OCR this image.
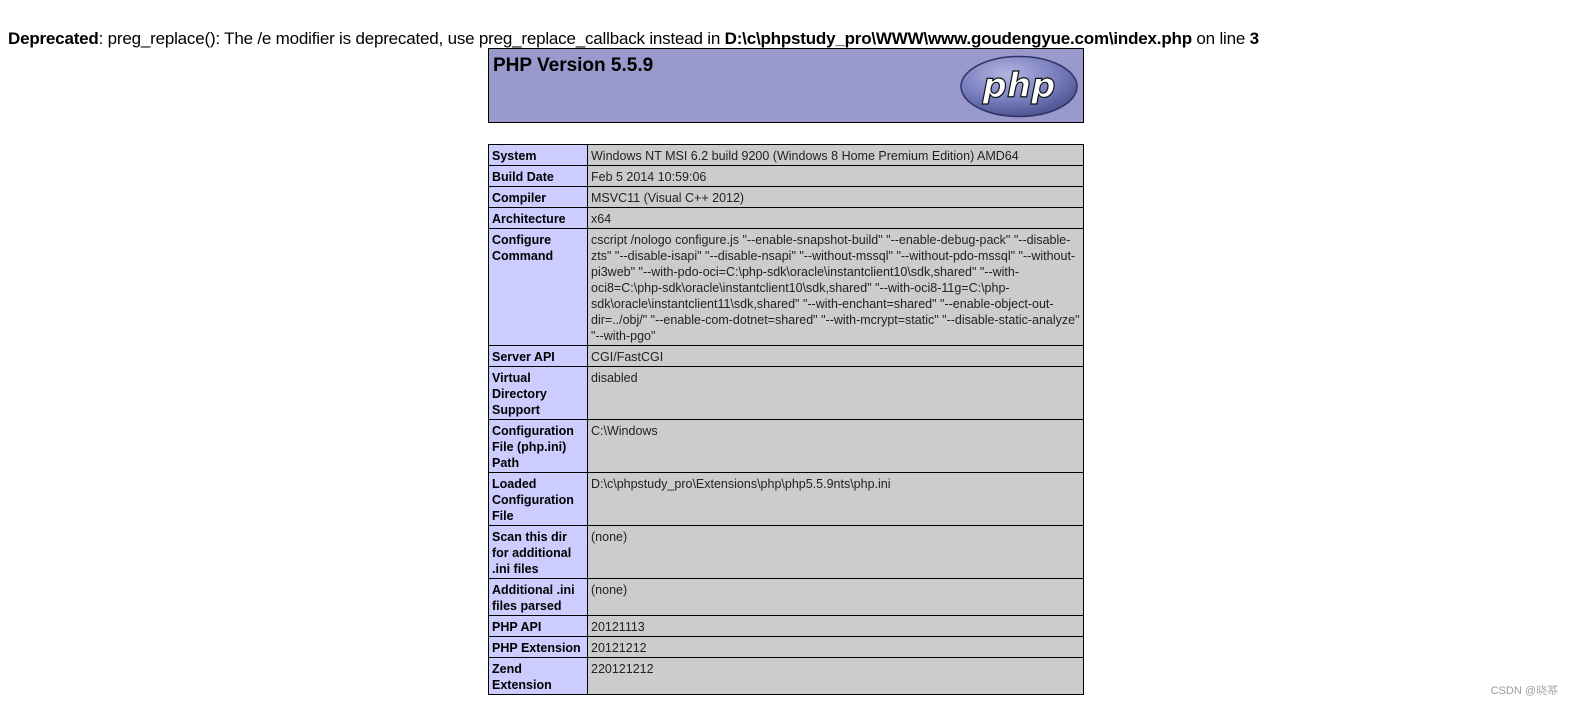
Deprecated: preg_replace(): The /e modifier is deprecated, use preg_replace_callback instead in D:\c\phpstudy_pro\WWW\www.goudengyue.com\index.php on line 3
PHP Version 5.5.9
php
System	Windows NT MSI 6.2 build 9200 (Windows 8 Home Premium Edition) AMD64
Build Date	Feb 5 2014 10:59:06
Compiler	MSVC11 (Visual C++ 2012)
Architecture	x64
Configure Command	cscript /nologo configure.js "--enable-snapshot-build" "--enable-debug-pack" "--disable-zts" "--disable-isapi" "--disable-nsapi" "--without-mssql" "--without-pdo-mssql" "--without-pi3web" "--with-pdo-oci=C:\php-sdk\oracle\instantclient10\sdk,shared" "--with-oci8=C:\php-sdk\oracle\instantclient10\sdk,shared" "--with-oci8-11g=C:\php-sdk\oracle\instantclient11\sdk,shared" "--with-enchant=shared" "--enable-object-out-dir=../obj/" "--enable-com-dotnet=shared" "--with-mcrypt=static" "--disable-static-analyze" "--with-pgo"
Server API	CGI/FastCGI
Virtual Directory Support	disabled
Configuration File (php.ini) Path	C:\Windows
Loaded Configuration File	D:\c\phpstudy_pro\Extensions\php\php5.5.9nts\php.ini
Scan this dir for additional .ini files	(none)
Additional .ini files parsed	(none)
PHP API	20121113
PHP Extension	20121212
Zend Extension	220121212
CSDN @晓幂
